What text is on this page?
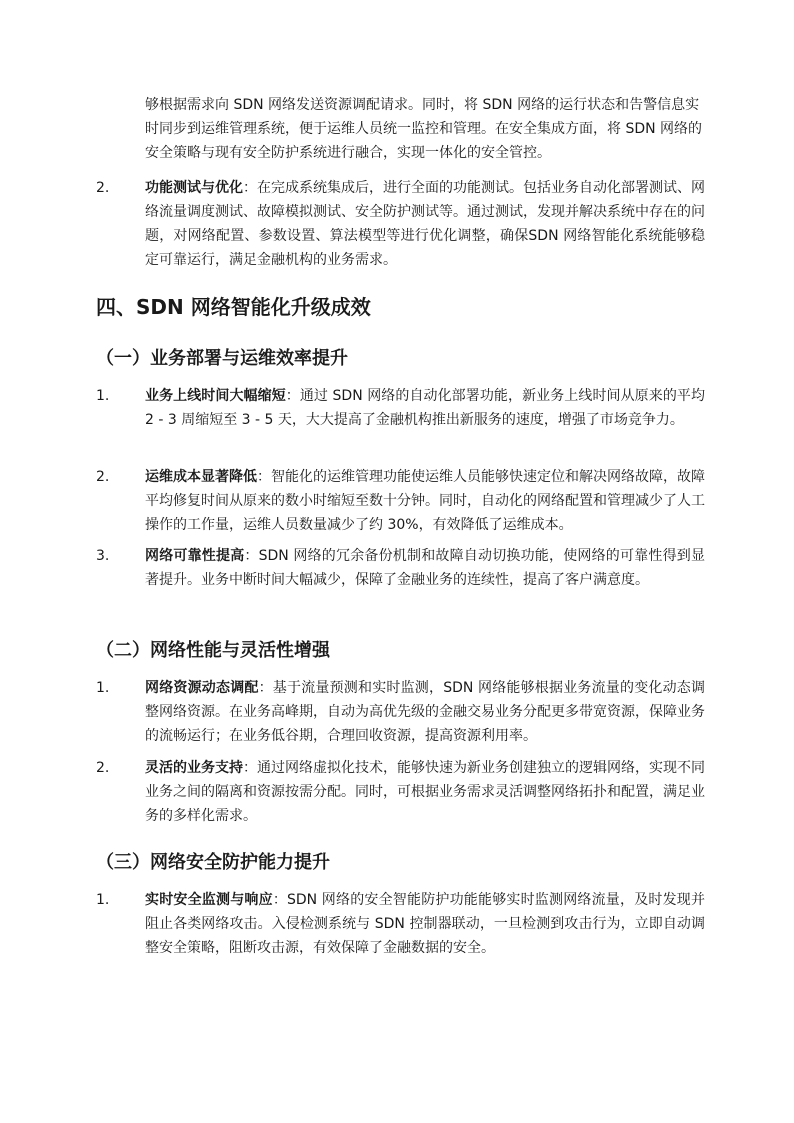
够根据需求向 SDN 网络发送资源调配请求。同时，将 SDN 网络的运行状态和告警信息实时同步到运维管理系统，便于运维人员统一监控和管理。在安全集成方面，将 SDN 网络的安全策略与现有安全防护系统进行融合，实现一体化的安全管控。

2.	功能测试与优化：在完成系统集成后，进行全面的功能测试。包括业务自动化部署测试、网络流量调度测试、故障模拟测试、安全防护测试等。通过测试，发现并解决系统中存在的问题，对网络配置、参数设置、算法模型等进行优化调整，确保SDN 网络智能化系统能够稳定可靠运行，满足金融机构的业务需求。
四、SDN 网络智能化升级成效
（一）业务部署与运维效率提升
1.	业务上线时间大幅缩短：通过 SDN 网络的自动化部署功能，新业务上线时间从原来的平均 2 - 3 周缩短至 3 - 5 天，大大提高了金融机构推出新服务的速度，增强了市场竞争力。
2.	运维成本显著降低：智能化的运维管理功能使运维人员能够快速定位和解决网络故障，故障平均修复时间从原来的数小时缩短至数十分钟。同时，自动化的网络配置和管理减少了人工操作的工作量，运维人员数量减少了约 30%，有效降低了运维成本。
3.	网络可靠性提高：SDN 网络的冗余备份机制和故障自动切换功能，使网络的可靠性得到显著提升。业务中断时间大幅减少，保障了金融业务的连续性，提高了客户满意度。
（二）网络性能与灵活性增强
1.	网络资源动态调配：基于流量预测和实时监测，SDN 网络能够根据业务流量的变化动态调整网络资源。在业务高峰期，自动为高优先级的金融交易业务分配更多带宽资源，保障业务的流畅运行；在业务低谷期，合理回收资源，提高资源利用率。
2.	灵活的业务支持：通过网络虚拟化技术，能够快速为新业务创建独立的逻辑网络，实现不同业务之间的隔离和资源按需分配。同时，可根据业务需求灵活调整网络拓扑和配置，满足业务的多样化需求。
（三）网络安全防护能力提升
1.	实时安全监测与响应：SDN 网络的安全智能防护功能能够实时监测网络流量，及时发现并阻止各类网络攻击。入侵检测系统与 SDN 控制器联动，一旦检测到攻击行为，立即自动调整安全策略，阻断攻击源，有效保障了金融数据的安全。
